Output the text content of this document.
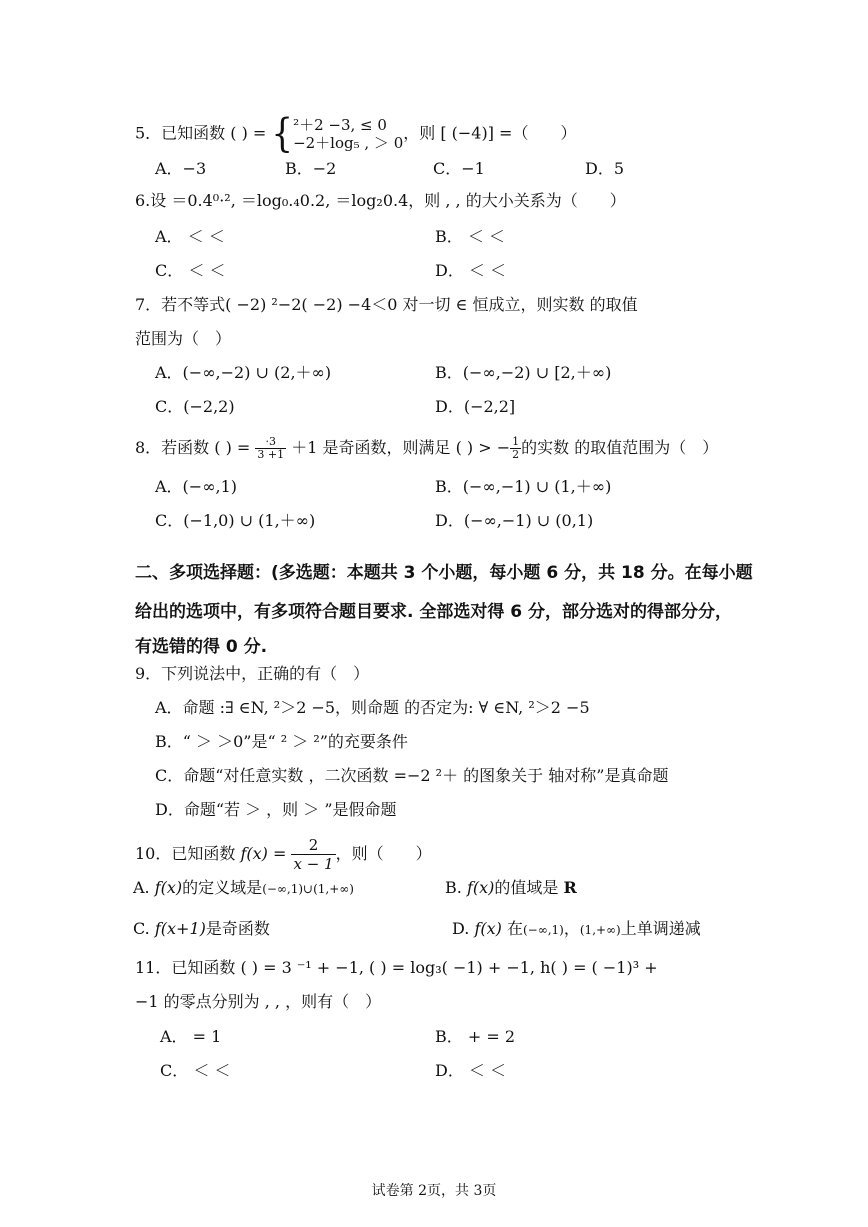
5．已知函数 ( ) = { ²＋2 −3, ≤ 0
−2＋log₅ , ＞ 0
，则 [ (−4)] =（　　）
A．−3	B．−2	C．−1	D．5
6.设 ＝0.4⁰·², ＝log₀.₄0.2, ＝log₂0.4，则 , , 的大小关系为（　　）
A． ＜ ＜	B． ＜ ＜
C． ＜ ＜	D． ＜ ＜
7．若不等式( −2) ²−2( −2) −4＜0 对一切 ∈ 恒成立，则实数 的取值
范围为（　）
A．(−∞,−2) ∪ (2,＋∞)	B．(−∞,−2) ∪ [2,＋∞)
C．(−2,2)	D．(−2,2]
8．若函数 ( ) = $\frac{\cdot 3}{3 +1} +1$ 是奇函数，则满足 ( ) > − $\frac{1}{2}$ 的实数 的取值范围为（　）
A．(−∞,1)	B．(−∞,−1) ∪ (1,＋∞)
C．(−1,0) ∪ (1,＋∞)	D．(−∞,−1) ∪ (0,1)
二、多项选择题：(多选题：本题共 3 个小题，每小题 6 分，共 18 分。在每小题
给出的选项中，有多项符合题目要求. 全部选对得 6 分，部分选对的得部分分，
有选错的得 0 分.
9．下列说法中，正确的有（　）
A．命题 :∃ ∈N, ²＞2 −5，则命题 的否定为: ∀ ∈N, ²＞2 −5
B．“ ＞ ＞0”是“ ² ＞ ²”的充要条件
C．命题“对任意实数 ，二次函数 =−2 ²＋ 的图象关于 轴对称”是真命题
D．命题“若 ＞ ，则 ＞ ”是假命题
10．已知函数 $f(x) = \frac{2}{x - 1}$ ，则（　　）
A. f(x)的定义域是(−∞,1)∪(1,+∞)	B. f(x)的值域是 R
C. f(x+1)是奇函数	D. f(x) 在(−∞,1)，(1,+∞)上单调递减
11．已知函数 ( ) = 3 ⁻¹ + −1, ( ) = log₃( −1) + −1, h( ) = ( −1)³ +
−1 的零点分别为 , , ，则有（　）
A． = 1	B． + = 2
C． ＜ ＜	D． ＜ ＜
试卷第 2页，共 3页
